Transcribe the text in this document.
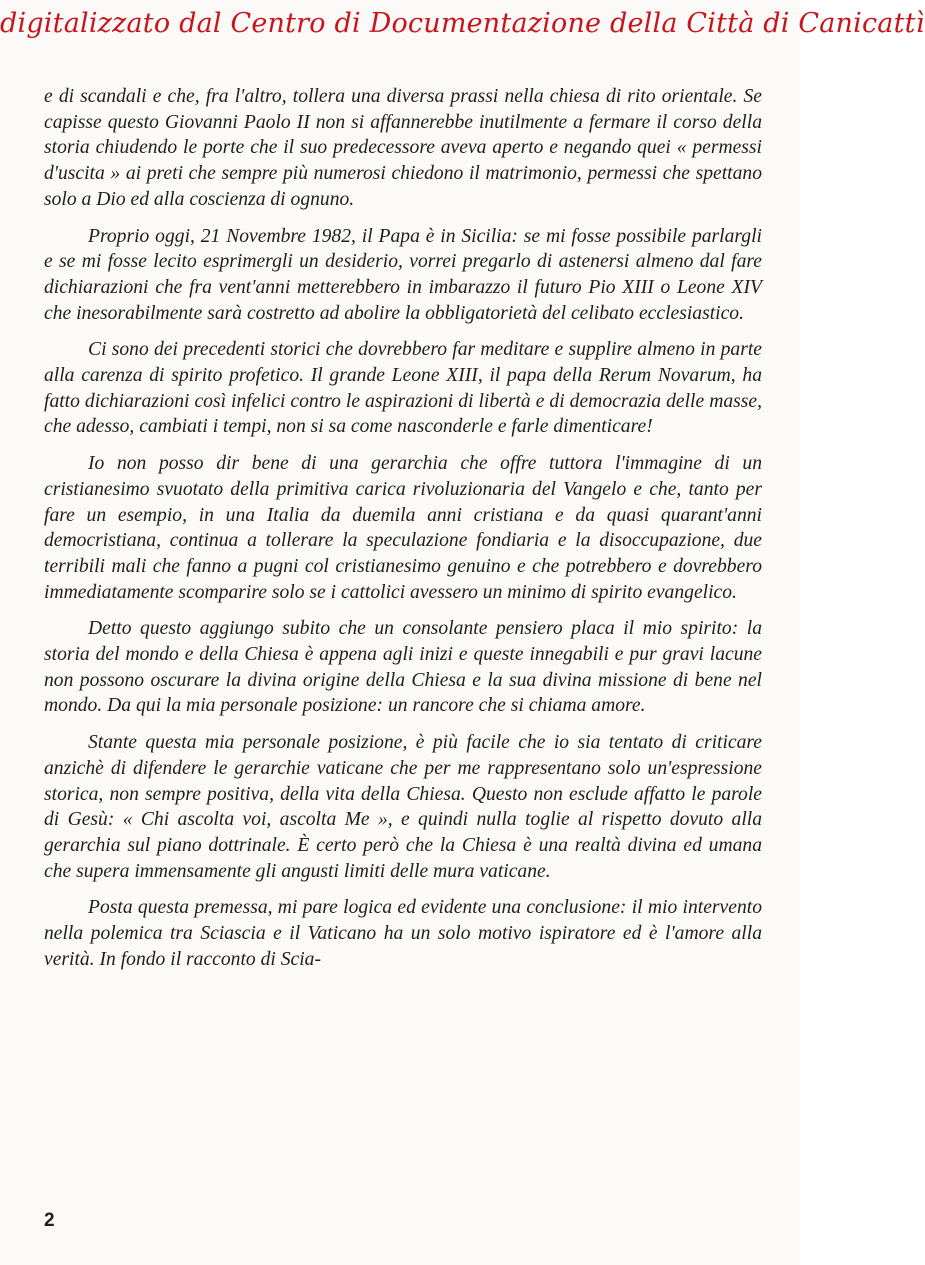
digitalizzato dal Centro di Documentazione della Città di Canicattì

e di scandali e che, fra l'altro, tollera una diversa prassi nella chiesa di rito orientale. Se capisse questo Giovanni Paolo II non si affannerebbe inutilmente a fermare il corso della storia chiudendo le porte che il suo predecessore aveva aperto e negando quei « permessi d'uscita » ai preti che sempre più numerosi chiedono il matrimonio, permessi che spettano solo a Dio ed alla coscienza di ognuno.

Proprio oggi, 21 Novembre 1982, il Papa è in Sicilia: se mi fosse possibile parlargli e se mi fosse lecito esprimergli un desiderio, vorrei pregarlo di astenersi almeno dal fare dichiarazioni che fra vent'anni metterebbero in imbarazzo il futuro Pio XIII o Leone XIV che inesorabilmente sarà costretto ad abolire la obbligatorietà del celibato ecclesiastico.

Ci sono dei precedenti storici che dovrebbero far meditare e supplire almeno in parte alla carenza di spirito profetico. Il grande Leone XIII, il papa della Rerum Novarum, ha fatto dichiarazioni così infelici contro le aspirazioni di libertà e di democrazia delle masse, che adesso, cambiati i tempi, non si sa come nasconderle e farle dimenticare!

Io non posso dir bene di una gerarchia che offre tuttora l'immagine di un cristianesimo svuotato della primitiva carica rivoluzionaria del Vangelo e che, tanto per fare un esempio, in una Italia da duemila anni cristiana e da quasi quarant'anni democristiana, continua a tollerare la speculazione fondiaria e la disoccupazione, due terribili mali che fanno a pugni col cristianesimo genuino e che potrebbero e dovrebbero immediatamente scomparire solo se i cattolici avessero un minimo di spirito evangelico.

Detto questo aggiungo subito che un consolante pensiero placa il mio spirito: la storia del mondo e della Chiesa è appena agli inizi e queste innegabili e pur gravi lacune non possono oscurare la divina origine della Chiesa e la sua divina missione di bene nel mondo. Da qui la mia personale posizione: un rancore che si chiama amore.

Stante questa mia personale posizione, è più facile che io sia tentato di criticare anzichè di difendere le gerarchie vaticane che per me rappresentano solo un'espressione storica, non sempre positiva, della vita della Chiesa. Questo non esclude affatto le parole di Gesù: « Chi ascolta voi, ascolta Me », e quindi nulla toglie al rispetto dovuto alla gerarchia sul piano dottrinale. È certo però che la Chiesa è una realtà divina ed umana che supera immensamente gli angusti limiti delle mura vaticane.

Posta questa premessa, mi pare logica ed evidente una conclusione: il mio intervento nella polemica tra Sciascia e il Vaticano ha un solo motivo ispiratore ed è l'amore alla verità. In fondo il racconto di Scia-

2
